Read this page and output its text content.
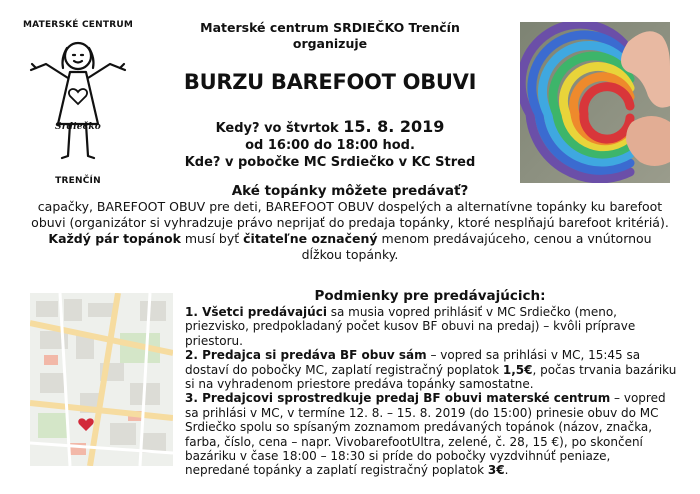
MATERSKÉ CENTRUM
Srdiečko
TRENČÍN
Materské centrum SRDIEČKO Trenčín
organizuje
BURZU BAREFOOT OBUVI
Kedy? vo štvrtok 15. 8. 2019
od 16:00 do 18:00 hod.
Kde? v pobočke MC Srdiečko v KC Stred
Aké topánky môžete predávať?
capačky, BAREFOOT OBUV pre deti, BAREFOOT OBUV dospelých a alternatívne topánky ku barefoot obuvi (organizátor si vyhradzuje právo neprijať do predaja topánky, ktoré nesplňajú barefoot kritériá). Každý pár topánok musí byť čitateľne označený menom predávajúceho, cenou a vnútornou dĺžkou topánky.
Podmienky pre predávajúcich:

1. Všetci predávajúci sa musia vopred prihlásiť v MC Srdiečko (meno, priezvisko, predpokladaný počet kusov BF obuvi na predaj) – kvôli príprave priestoru.

2. Predajca si predáva BF obuv sám – vopred sa prihlási v MC, 15:45 sa dostaví do pobočky MC, zaplatí registračný poplatok 1,5€, počas trvania bazáriku si na vyhradenom priestore predáva topánky samostatne.

3. Predajcovi sprostredkuje predaj BF obuvi materské centrum – vopred sa prihlási v MC, v termíne 12. 8. – 15. 8. 2019 (do 15:00) prinesie obuv do MC Srdiečko spolu so spísaným zoznamom predávaných topánok (názov, značka, farba, číslo, cena – napr. VivobarefootUltra, zelené, č. 28, 15 €), po skončení bazáriku v čase 18:00 – 18:30 si príde do pobočky vyzdvihnúť peniaze, nepredané topánky a zaplatí registračný poplatok 3€.
